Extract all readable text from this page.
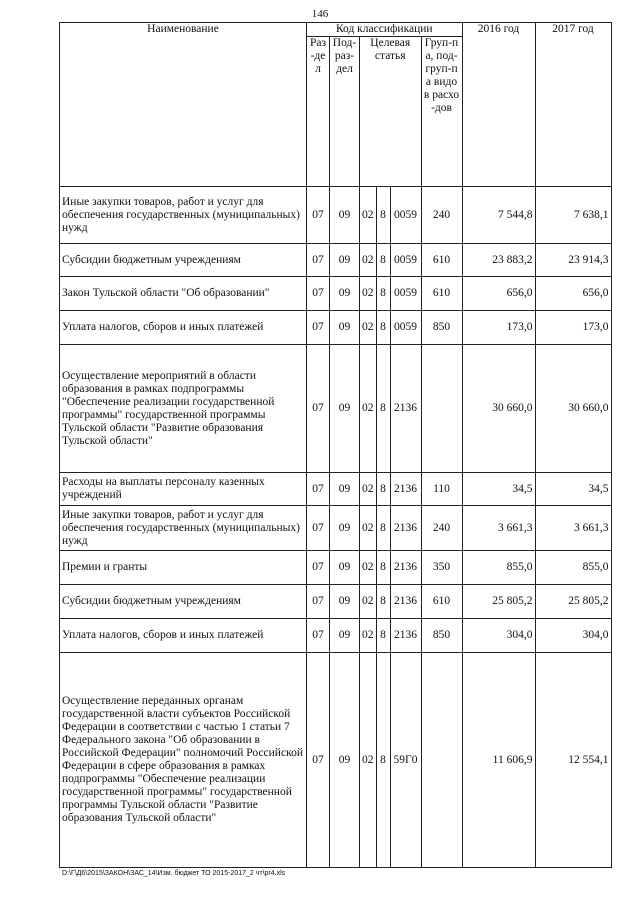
146
Наименование	Код классификации						2016 год	2017 год
	Раз-дел	Под-раз-дел	Целевая статья			Груп-па, под-груп-па видов расхо-дов		
Иные закупки товаров, работ и услуг для обеспечения государственных (муниципальных) нужд	07	09	02	8	0059	240	7 544,8	7 638,1
Субсидии бюджетным учреждениям	07	09	02	8	0059	610	23 883,2	23 914,3
Закон Тульской области "Об образовании"	07	09	02	8	0059	610	656,0	656,0
Уплата налогов, сборов и иных платежей	07	09	02	8	0059	850	173,0	173,0
Осуществление мероприятий в области образования в рамках подпрограммы "Обеспечение реализации государственной программы" государственной программы Тульской области "Развитие образования Тульской области"	07	09	02	8	2136		30 660,0	30 660,0
Расходы на выплаты персоналу казенных учреждений	07	09	02	8	2136	110	34,5	34,5
Иные закупки товаров, работ и услуг для обеспечения государственных (муниципальных) нужд	07	09	02	8	2136	240	3 661,3	3 661,3
Премии и гранты	07	09	02	8	2136	350	855,0	855,0
Субсидии бюджетным учреждениям	07	09	02	8	2136	610	25 805,2	25 805,2
Уплата налогов, сборов и иных платежей	07	09	02	8	2136	850	304,0	304,0
Осуществление переданных органам государственной власти субъектов Российской Федерации в соответствии с частью 1 статьи 7 Федерального закона "Об образовании в Российской Федерации" полномочий Российской Федерации в сфере образования в рамках подпрограммы "Обеспечение реализации государственной программы" государственной программы Тульской области "Развитие образования Тульской области"	07	09	02	8	59Г0		11 606,9	12 554,1
D:\Г\Д6\2015\ЗАКОН\ЗАС_14\Изм. бюджет ТО 2015-2017_2 чт\pr4.xls
